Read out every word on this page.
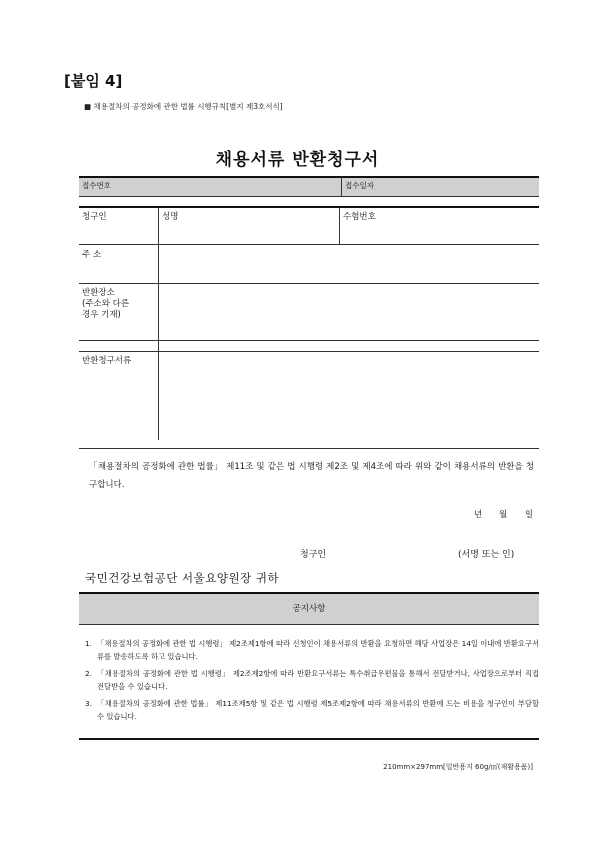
[붙임 4]
■ 채용절차의 공정화에 관한 법률 시행규칙[별지 제3호서식]
채용서류 반환청구서
접수번호	접수일자
청구인	성명	수험번호
주 소
반환장소
(주소와 다른
경우 기재)
반환청구서류
「채용절차의 공정화에 관한 법률」 제11조 및 같은 법 시행령 제2조 및 제4조에 따라 위와 같이 채용서류의 반환을 청구합니다.
년 월 일
청구인	(서명 또는 인)
국민건강보험공단 서울요양원장 귀하
공지사항
1. 「채용절차의 공정화에 관한 법 시행령」 제2조제1항에 따라 신청인이 채용서류의 반환을 요청하면 해당 사업장은 14일 이내에 반환요구서류를 발송하도록 하고 있습니다.
2. 「채용절차의 공정화에 관한 법 시행령」 제2조제2항에 따라 반환요구서류는 특수취급우편물을 통해서 전달받거나, 사업장으로부터 직접 전달받을 수 있습니다.
3. 「채용절차의 공정화에 관한 법률」 제11조제5항 및 같은 법 시행령 제5조제2항에 따라 채용서류의 반환에 드는 비용을 청구인이 부담할 수 있습니다.
210mm×297mm[일반용지 60g/㎡(재활용품)]
